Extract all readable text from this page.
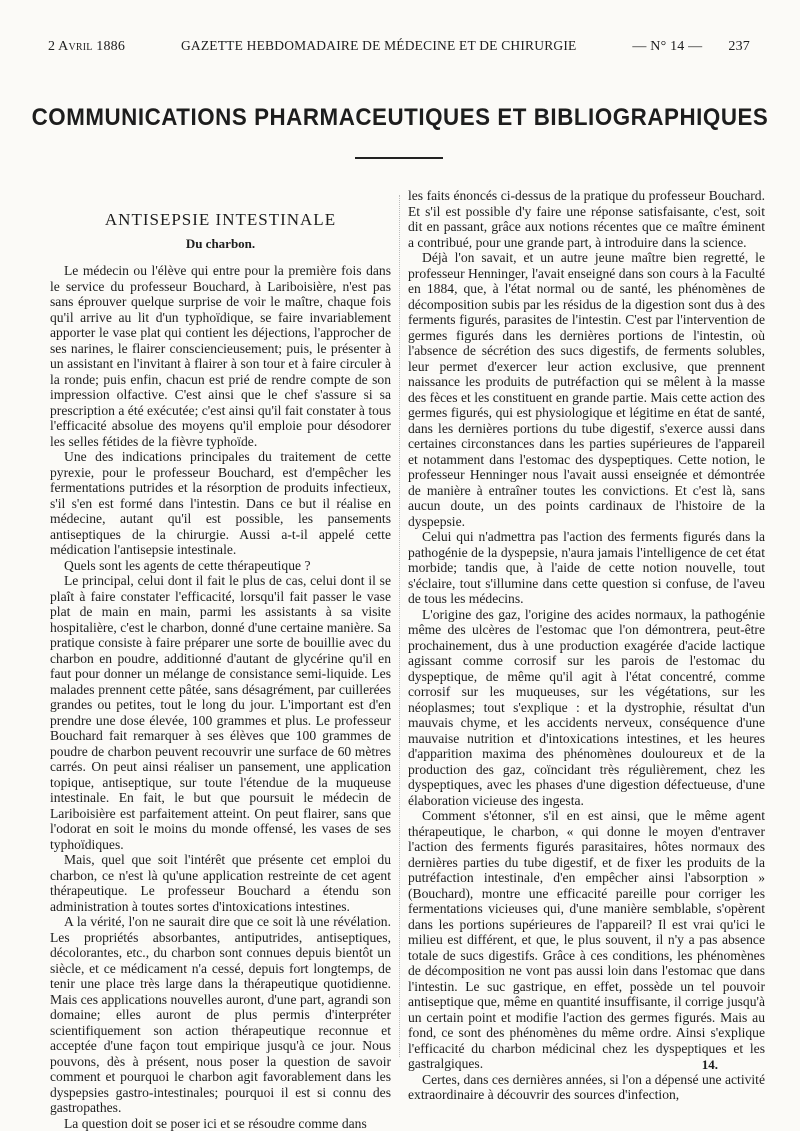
2 Avril 1886	GAZETTE HEBDOMADAIRE DE MÉDECINE ET DE CHIRURGIE	— N° 14 — 237
COMMUNICATIONS PHARMACEUTIQUES ET BIBLIOGRAPHIQUES
ANTISEPSIE INTESTINALE
Du charbon.

Le médecin ou l'élève qui entre pour la première fois dans le service du professeur Bouchard, à Lariboisière, n'est pas sans éprouver quelque surprise de voir le maître, chaque fois qu'il arrive au lit d'un typhoïdique, se faire invariablement apporter le vase plat qui contient les déjections, l'approcher de ses narines, le flairer consciencieusement; puis, le présenter à un assistant en l'invitant à flairer à son tour et à faire circuler à la ronde; puis enfin, chacun est prié de rendre compte de son impression olfactive. C'est ainsi que le chef s'assure si sa prescription a été exécutée; c'est ainsi qu'il fait constater à tous l'efficacité absolue des moyens qu'il emploie pour désodorer les selles fétides de la fièvre typhoïde.

Une des indications principales du traitement de cette pyrexie, pour le professeur Bouchard, est d'empêcher les fermentations putrides et la résorption de produits infectieux, s'il s'en est formé dans l'intestin. Dans ce but il réalise en médecine, autant qu'il est possible, les pansements antiseptiques de la chirurgie. Aussi a-t-il appelé cette médication l'antisepsie intestinale.

Quels sont les agents de cette thérapeutique ?

Le principal, celui dont il fait le plus de cas, celui dont il se plaît à faire constater l'efficacité, lorsqu'il fait passer le vase plat de main en main, parmi les assistants à sa visite hospitalière, c'est le charbon, donné d'une certaine manière. Sa pratique consiste à faire préparer une sorte de bouillie avec du charbon en poudre, additionné d'autant de glycérine qu'il en faut pour donner un mélange de consistance semi-liquide. Les malades prennent cette pâtée, sans désagrément, par cuillerées grandes ou petites, tout le long du jour. L'important est d'en prendre une dose élevée, 100 grammes et plus. Le professeur Bouchard fait remarquer à ses élèves que 100 grammes de poudre de charbon peuvent recouvrir une surface de 60 mètres carrés. On peut ainsi réaliser un pansement, une application topique, antiseptique, sur toute l'étendue de la muqueuse intestinale. En fait, le but que poursuit le médecin de Lariboisière est parfaitement atteint. On peut flairer, sans que l'odorat en soit le moins du monde offensé, les vases de ses typhoïdiques.

Mais, quel que soit l'intérêt que présente cet emploi du charbon, ce n'est là qu'une application restreinte de cet agent thérapeutique. Le professeur Bouchard a étendu son administration à toutes sortes d'intoxications intestines.

A la vérité, l'on ne saurait dire que ce soit là une révélation. Les propriétés absorbantes, antiputrides, antiseptiques, décolorantes, etc., du charbon sont connues depuis bientôt un siècle, et ce médicament n'a cessé, depuis fort longtemps, de tenir une place très large dans la thérapeutique quotidienne. Mais ces applications nouvelles auront, d'une part, agrandi son domaine; elles auront de plus permis d'interpréter scientifiquement son action thérapeutique reconnue et acceptée d'une façon tout empirique jusqu'à ce jour. Nous pouvons, dès à présent, nous poser la question de savoir comment et pourquoi le charbon agit favorablement dans les dyspepsies gastro-intestinales; pourquoi il est si connu des gastropathes.

La question doit se poser ici et se résoudre comme dans

les faits énoncés ci-dessus de la pratique du professeur Bouchard. Et s'il est possible d'y faire une réponse satisfaisante, c'est, soit dit en passant, grâce aux notions récentes que ce maître éminent a contribué, pour une grande part, à introduire dans la science.

Déjà l'on savait, et un autre jeune maître bien regretté, le professeur Henninger, l'avait enseigné dans son cours à la Faculté en 1884, que, à l'état normal ou de santé, les phénomènes de décomposition subis par les résidus de la digestion sont dus à des ferments figurés, parasites de l'intestin. C'est par l'intervention de germes figurés dans les dernières portions de l'intestin, où l'absence de sécrétion des sucs digestifs, de ferments solubles, leur permet d'exercer leur action exclusive, que prennent naissance les produits de putréfaction qui se mêlent à la masse des fèces et les constituent en grande partie. Mais cette action des germes figurés, qui est physiologique et légitime en état de santé, dans les dernières portions du tube digestif, s'exerce aussi dans certaines circonstances dans les parties supérieures de l'appareil et notamment dans l'estomac des dyspeptiques. Cette notion, le professeur Henninger nous l'avait aussi enseignée et démontrée de manière à entraîner toutes les convictions. Et c'est là, sans aucun doute, un des points cardinaux de l'histoire de la dyspepsie.

Celui qui n'admettra pas l'action des ferments figurés dans la pathogénie de la dyspepsie, n'aura jamais l'intelligence de cet état morbide; tandis que, à l'aide de cette notion nouvelle, tout s'éclaire, tout s'illumine dans cette question si confuse, de l'aveu de tous les médecins.

L'origine des gaz, l'origine des acides normaux, la pathogénie même des ulcères de l'estomac que l'on démontrera, peut-être prochainement, dus à une production exagérée d'acide lactique agissant comme corrosif sur les parois de l'estomac du dyspeptique, de même qu'il agit à l'état concentré, comme corrosif sur les muqueuses, sur les végétations, sur les néoplasmes; tout s'explique : et la dystrophie, résultat d'un mauvais chyme, et les accidents nerveux, conséquence d'une mauvaise nutrition et d'intoxications intestines, et les heures d'apparition maxima des phénomènes douloureux et de la production des gaz, coïncidant très régulièrement, chez les dyspeptiques, avec les phases d'une digestion défectueuse, d'une élaboration vicieuse des ingesta.

Comment s'étonner, s'il en est ainsi, que le même agent thérapeutique, le charbon, « qui donne le moyen d'entraver l'action des ferments figurés parasitaires, hôtes normaux des dernières parties du tube digestif, et de fixer les produits de la putréfaction intestinale, d'en empêcher ainsi l'absorption » (Bouchard), montre une efficacité pareille pour corriger les fermentations vicieuses qui, d'une manière semblable, s'opèrent dans les portions supérieures de l'appareil? Il est vrai qu'ici le milieu est différent, et que, le plus souvent, il n'y a pas absence totale de sucs digestifs. Grâce à ces conditions, les phénomènes de décomposition ne vont pas aussi loin dans l'estomac que dans l'intestin. Le suc gastrique, en effet, possède un tel pouvoir antiseptique que, même en quantité insuffisante, il corrige jusqu'à un certain point et modifie l'action des germes figurés. Mais au fond, ce sont des phénomènes du même ordre. Ainsi s'explique l'efficacité du charbon médicinal chez les dyspeptiques et les gastralgiques.

Certes, dans ces dernières années, si l'on a dépensé une activité extraordinaire à découvrir des sources d'infection,

14.
